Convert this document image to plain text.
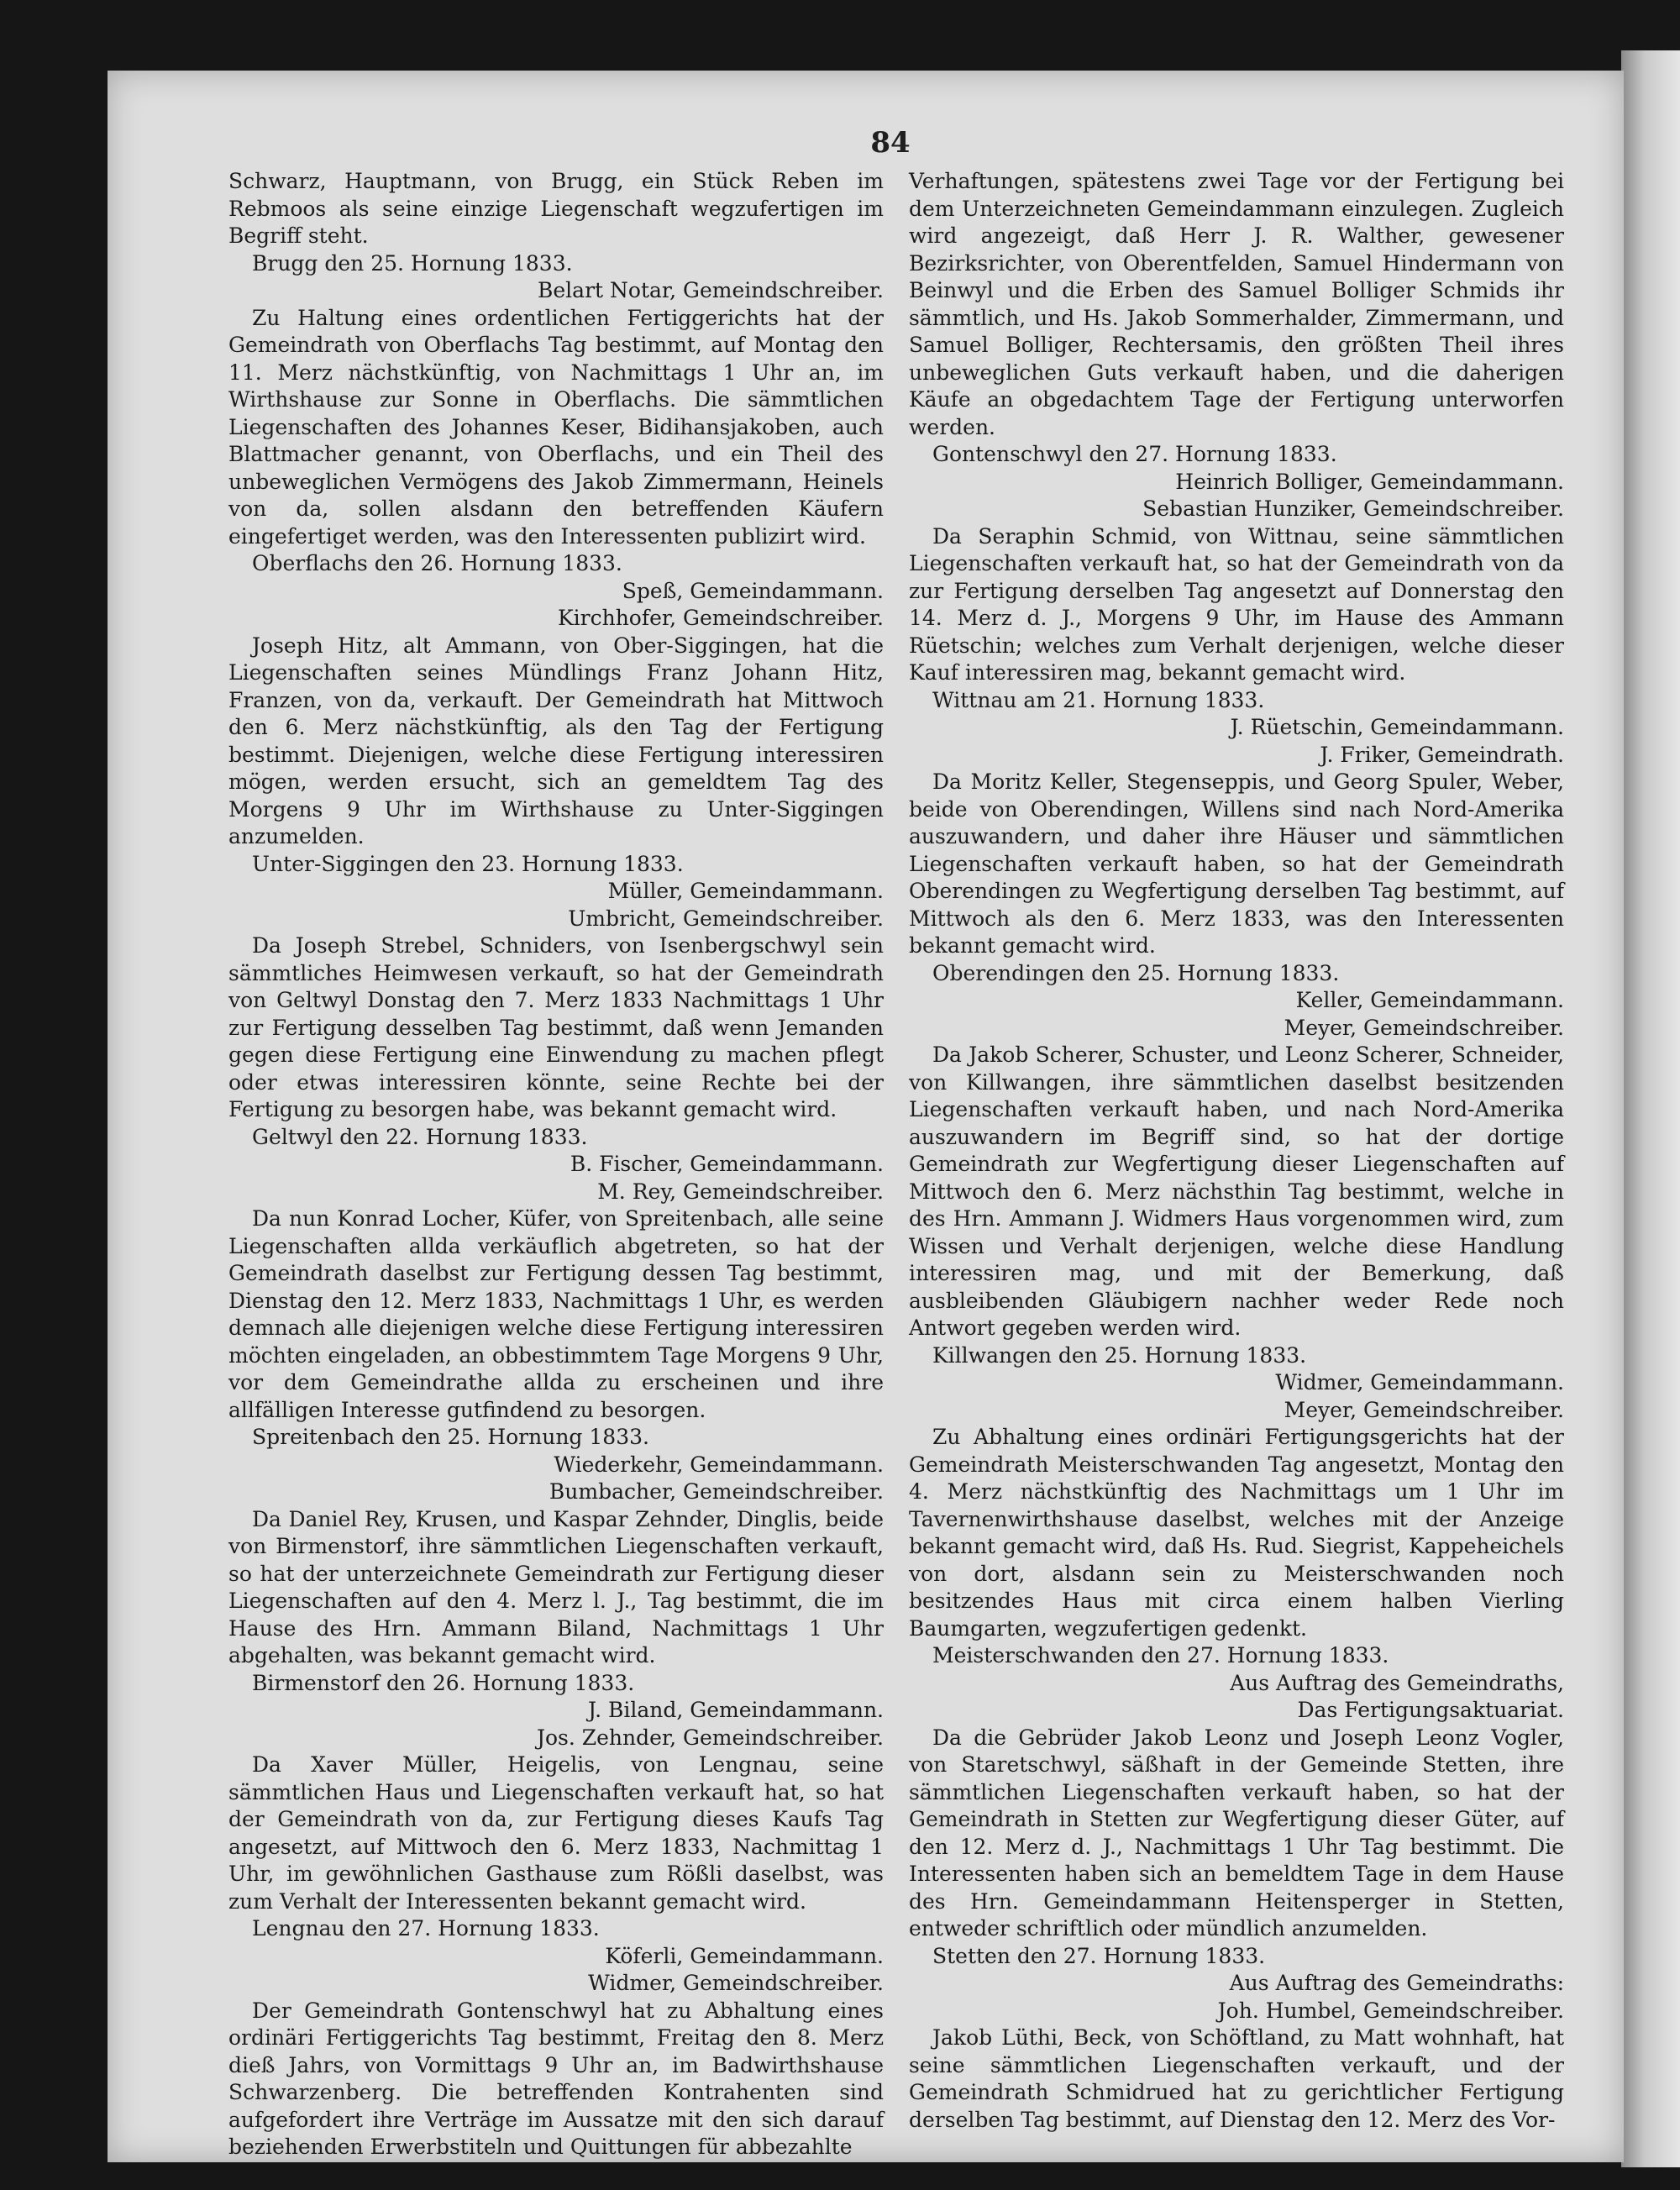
84

Schwarz, Hauptmann, von Brugg, ein Stück Reben im Rebmoos als seine einzige Liegenschaft wegzufertigen im Begriff steht.

Brugg den 25. Hornung 1833.

Belart Notar, Gemeindschreiber.

Zu Haltung eines ordentlichen Fertiggerichts hat der Gemeindrath von Oberflachs Tag bestimmt, auf Montag den 11. Merz nächstkünftig, von Nachmittags 1 Uhr an, im Wirthshause zur Sonne in Oberflachs. Die sämmtlichen Liegenschaften des Johannes Keser, Bidihansjakoben, auch Blattmacher genannt, von Oberflachs, und ein Theil des unbeweglichen Vermögens des Jakob Zimmermann, Heinels von da, sollen alsdann den betreffenden Käufern eingefertiget werden, was den Interessenten publizirt wird.

Oberflachs den 26. Hornung 1833.

Speß, Gemeindammann.

Kirchhofer, Gemeindschreiber.

Joseph Hitz, alt Ammann, von Ober-Siggingen, hat die Liegenschaften seines Mündlings Franz Johann Hitz, Franzen, von da, verkauft. Der Gemeindrath hat Mittwoch den 6. Merz nächstkünftig, als den Tag der Fertigung bestimmt. Diejenigen, welche diese Fertigung interessiren mögen, werden ersucht, sich an gemeldtem Tag des Morgens 9 Uhr im Wirthshause zu Unter-Siggingen anzumelden.

Unter-Siggingen den 23. Hornung 1833.

Müller, Gemeindammann.

Umbricht, Gemeindschreiber.

Da Joseph Strebel, Schniders, von Isenbergschwyl sein sämmtliches Heimwesen verkauft, so hat der Gemeindrath von Geltwyl Donstag den 7. Merz 1833 Nachmittags 1 Uhr zur Fertigung desselben Tag bestimmt, daß wenn Jemanden gegen diese Fertigung eine Einwendung zu machen pflegt oder etwas interessiren könnte, seine Rechte bei der Fertigung zu besorgen habe, was bekannt gemacht wird.

Geltwyl den 22. Hornung 1833.

B. Fischer, Gemeindammann.

M. Rey, Gemeindschreiber.

Da nun Konrad Locher, Küfer, von Spreitenbach, alle seine Liegenschaften allda verkäuflich abgetreten, so hat der Gemeindrath daselbst zur Fertigung dessen Tag bestimmt, Dienstag den 12. Merz 1833, Nachmittags 1 Uhr, es werden demnach alle diejenigen welche diese Fertigung interessiren möchten eingeladen, an obbestimmtem Tage Morgens 9 Uhr, vor dem Gemeindrathe allda zu erscheinen und ihre allfälligen Interesse gutfindend zu besorgen.

Spreitenbach den 25. Hornung 1833.

Wiederkehr, Gemeindammann.

Bumbacher, Gemeindschreiber.

Da Daniel Rey, Krusen, und Kaspar Zehnder, Dinglis, beide von Birmenstorf, ihre sämmtlichen Liegenschaften verkauft, so hat der unterzeichnete Gemeindrath zur Fertigung dieser Liegenschaften auf den 4. Merz l. J., Tag bestimmt, die im Hause des Hrn. Ammann Biland, Nachmittags 1 Uhr abgehalten, was bekannt gemacht wird.

Birmenstorf den 26. Hornung 1833.

J. Biland, Gemeindammann.

Jos. Zehnder, Gemeindschreiber.

Da Xaver Müller, Heigelis, von Lengnau, seine sämmtlichen Haus und Liegenschaften verkauft hat, so hat der Gemeindrath von da, zur Fertigung dieses Kaufs Tag angesetzt, auf Mittwoch den 6. Merz 1833, Nachmittag 1 Uhr, im gewöhnlichen Gasthause zum Rößli daselbst, was zum Verhalt der Interessenten bekannt gemacht wird.

Lengnau den 27. Hornung 1833.

Köferli, Gemeindammann.

Widmer, Gemeindschreiber.

Der Gemeindrath Gontenschwyl hat zu Abhaltung eines ordinäri Fertiggerichts Tag bestimmt, Freitag den 8. Merz dieß Jahrs, von Vormittags 9 Uhr an, im Badwirthshause Schwarzenberg. Die betreffenden Kontrahenten sind aufgefordert ihre Verträge im Aussatze mit den sich darauf beziehenden Erwerbstiteln und Quittungen für abbezahlte

Verhaftungen, spätestens zwei Tage vor der Fertigung bei dem Unterzeichneten Gemeindammann einzulegen. Zugleich wird angezeigt, daß Herr J. R. Walther, gewesener Bezirksrichter, von Oberentfelden, Samuel Hindermann von Beinwyl und die Erben des Samuel Bolliger Schmids ihr sämmtlich, und Hs. Jakob Sommerhalder, Zimmermann, und Samuel Bolliger, Rechtersamis, den größten Theil ihres unbeweglichen Guts verkauft haben, und die daherigen Käufe an obgedachtem Tage der Fertigung unterworfen werden.

Gontenschwyl den 27. Hornung 1833.

Heinrich Bolliger, Gemeindammann.

Sebastian Hunziker, Gemeindschreiber.

Da Seraphin Schmid, von Wittnau, seine sämmtlichen Liegenschaften verkauft hat, so hat der Gemeindrath von da zur Fertigung derselben Tag angesetzt auf Donnerstag den 14. Merz d. J., Morgens 9 Uhr, im Hause des Ammann Rüetschin; welches zum Verhalt derjenigen, welche dieser Kauf interessiren mag, bekannt gemacht wird.

Wittnau am 21. Hornung 1833.

J. Rüetschin, Gemeindammann.

J. Friker, Gemeindrath.

Da Moritz Keller, Stegenseppis, und Georg Spuler, Weber, beide von Oberendingen, Willens sind nach Nord-Amerika auszuwandern, und daher ihre Häuser und sämmtlichen Liegenschaften verkauft haben, so hat der Gemeindrath Oberendingen zu Wegfertigung derselben Tag bestimmt, auf Mittwoch als den 6. Merz 1833, was den Interessenten bekannt gemacht wird.

Oberendingen den 25. Hornung 1833.

Keller, Gemeindammann.

Meyer, Gemeindschreiber.

Da Jakob Scherer, Schuster, und Leonz Scherer, Schneider, von Killwangen, ihre sämmtlichen daselbst besitzenden Liegenschaften verkauft haben, und nach Nord-Amerika auszuwandern im Begriff sind, so hat der dortige Gemeindrath zur Wegfertigung dieser Liegenschaften auf Mittwoch den 6. Merz nächsthin Tag bestimmt, welche in des Hrn. Ammann J. Widmers Haus vorgenommen wird, zum Wissen und Verhalt derjenigen, welche diese Handlung interessiren mag, und mit der Bemerkung, daß ausbleibenden Gläubigern nachher weder Rede noch Antwort gegeben werden wird.

Killwangen den 25. Hornung 1833.

Widmer, Gemeindammann.

Meyer, Gemeindschreiber.

Zu Abhaltung eines ordinäri Fertigungsgerichts hat der Gemeindrath Meisterschwanden Tag angesetzt, Montag den 4. Merz nächstkünftig des Nachmittags um 1 Uhr im Tavernenwirthshause daselbst, welches mit der Anzeige bekannt gemacht wird, daß Hs. Rud. Siegrist, Kappeheichels von dort, alsdann sein zu Meisterschwanden noch besitzendes Haus mit circa einem halben Vierling Baumgarten, wegzufertigen gedenkt.

Meisterschwanden den 27. Hornung 1833.

Aus Auftrag des Gemeindraths,

Das Fertigungsaktuariat.

Da die Gebrüder Jakob Leonz und Joseph Leonz Vogler, von Staretschwyl, säßhaft in der Gemeinde Stetten, ihre sämmtlichen Liegenschaften verkauft haben, so hat der Gemeindrath in Stetten zur Wegfertigung dieser Güter, auf den 12. Merz d. J., Nachmittags 1 Uhr Tag bestimmt. Die Interessenten haben sich an bemeldtem Tage in dem Hause des Hrn. Gemeindammann Heitensperger in Stetten, entweder schriftlich oder mündlich anzumelden.

Stetten den 27. Hornung 1833.

Aus Auftrag des Gemeindraths:

Joh. Humbel, Gemeindschreiber.

Jakob Lüthi, Beck, von Schöftland, zu Matt wohnhaft, hat seine sämmtlichen Liegenschaften verkauft, und der Gemeindrath Schmidrued hat zu gerichtlicher Fertigung derselben Tag bestimmt, auf Dienstag den 12. Merz des Vor-
